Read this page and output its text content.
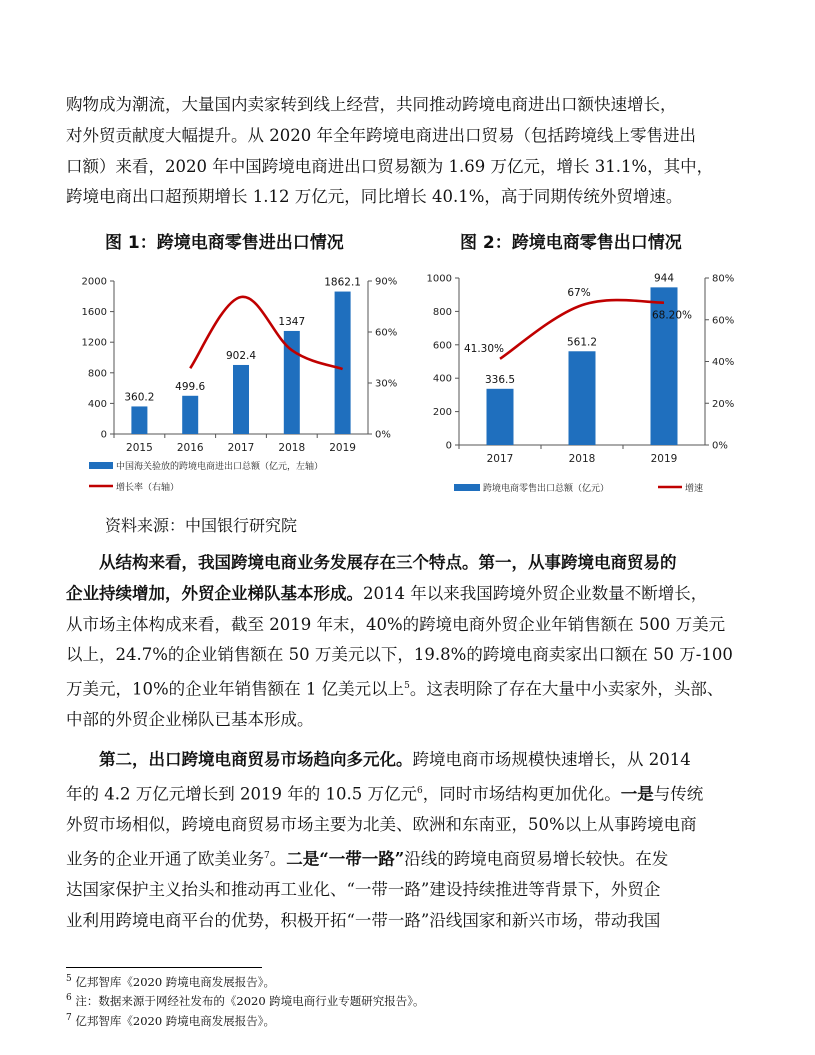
购物成为潮流，大量国内卖家转到线上经营，共同推动跨境电商进出口额快速增长，
对外贸贡献度大幅提升。从 2020 年全年跨境电商进出口贸易（包括跨境线上零售进出
口额）来看，2020 年中国跨境电商进出口贸易额为 1.69 万亿元，增长 31.1%，其中，
跨境电商出口超预期增长 1.12 万亿元，同比增长 40.1%，高于同期传统外贸增速。

图 1：跨境电商零售进出口情况	图 2：跨境电商零售出口情况
0
400
800
1200
1600
2000
0%
30%
60%
90%
2015 2016 2017 2018 2019
360.2
499.6
902.4
1347
1862.1
中国海关验放的跨境电商进出口总额（亿元，左轴）
增长率（右轴）
0
200
400
600
800
1000
0%
20%
40%
60%
80%
2017	2018	2019
336.5
561.2
944
41.30%
67%
68.20%
跨境电商零售出口总额（亿元）	增速
资料来源：中国银行研究院

从结构来看，我国跨境电商业务发展存在三个特点。第一，从事跨境电商贸易的
企业持续增加，外贸企业梯队基本形成。2014 年以来我国跨境外贸企业数量不断增长，
从市场主体构成来看，截至 2019 年末，40%的跨境电商外贸企业年销售额在 500 万美元
以上，24.7%的企业销售额在 50 万美元以下，19.8%的跨境电商卖家出口额在 50 万-100
万美元，10%的企业年销售额在 1 亿美元以上$^5$。这表明除了存在大量中小卖家外，头部、
中部的外贸企业梯队已基本形成。

第二，出口跨境电商贸易市场趋向多元化。跨境电商市场规模快速增长，从 2014
年的 4.2 万亿元增长到 2019 年的 10.5 万亿元$^6$，同时市场结构更加优化。一是与传统
外贸市场相似，跨境电商贸易市场主要为北美、欧洲和东南亚，50%以上从事跨境电商
业务的企业开通了欧美业务$^7$。二是“一带一路”沿线的跨境电商贸易增长较快。在发
达国家保护主义抬头和推动再工业化、“一带一路”建设持续推进等背景下，外贸企
业利用跨境电商平台的优势，积极开拓“一带一路”沿线国家和新兴市场，带动我国

$^5$ 亿邦智库《2020 跨境电商发展报告》。
$^6$ 注：数据来源于网经社发布的《2020 跨境电商行业专题研究报告》。
$^7$ 亿邦智库《2020 跨境电商发展报告》。
